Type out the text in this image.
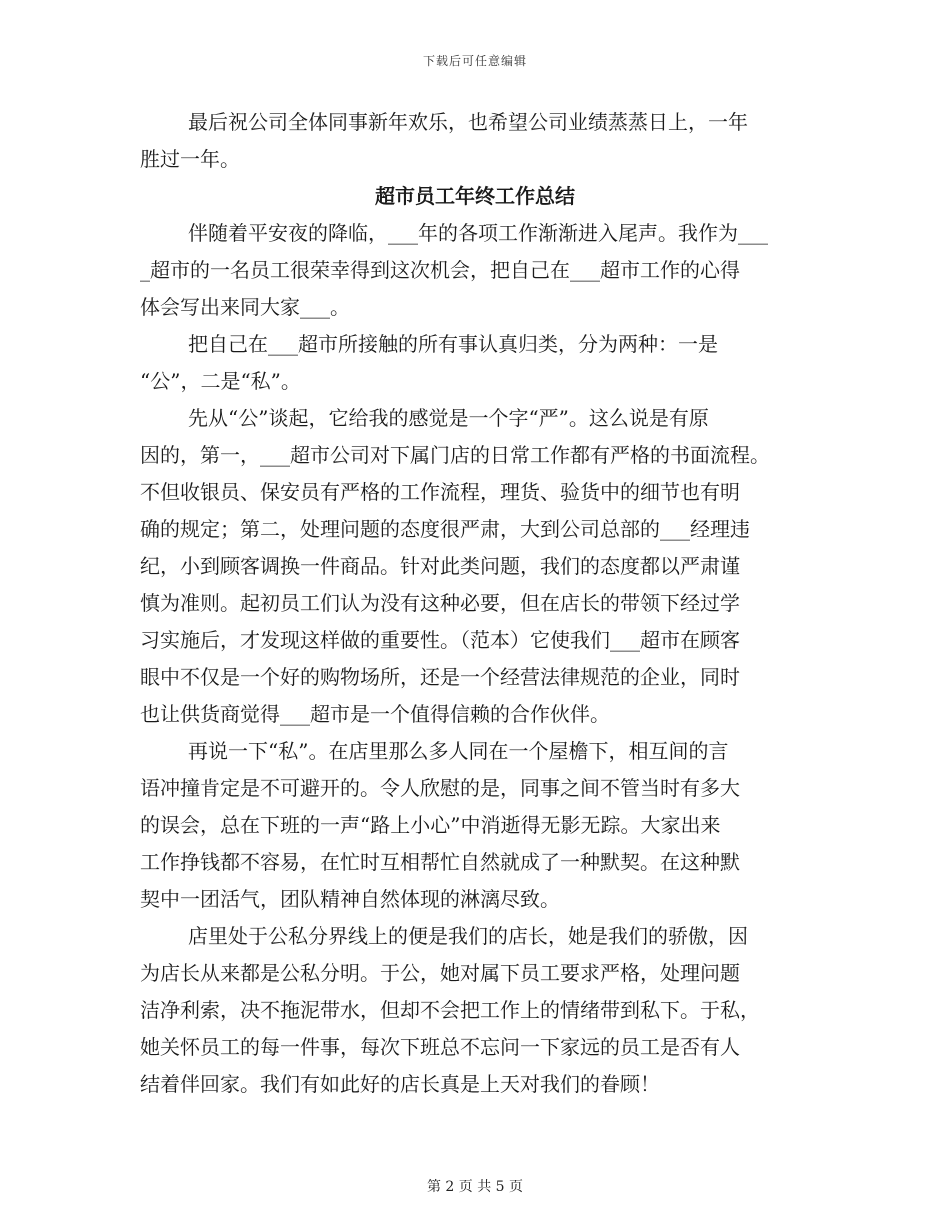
下载后可任意编辑
最后祝公司全体同事新年欢乐，也希望公司业绩蒸蒸日上，一年
胜过一年。
超市员工年终工作总结
伴随着平安夜的降临，___年的各项工作渐渐进入尾声。我作为___
_超市的一名员工很荣幸得到这次机会，把自己在___超市工作的心得
体会写出来同大家___。
把自己在___超市所接触的所有事认真归类，分为两种：一是
“公”，二是“私”。
先从“公”谈起，它给我的感觉是一个字“严”。这么说是有原
因的，第一，___超市公司对下属门店的日常工作都有严格的书面流程。
不但收银员、保安员有严格的工作流程，理货、验货中的细节也有明
确的规定；第二，处理问题的态度很严肃，大到公司总部的___经理违
纪，小到顾客调换一件商品。针对此类问题，我们的态度都以严肃谨
慎为准则。起初员工们认为没有这种必要，但在店长的带领下经过学
习实施后，才发现这样做的重要性。（范本）它使我们___超市在顾客
眼中不仅是一个好的购物场所，还是一个经营法律规范的企业，同时
也让供货商觉得___超市是一个值得信赖的合作伙伴。
再说一下“私”。在店里那么多人同在一个屋檐下，相互间的言
语冲撞肯定是不可避开的。令人欣慰的是，同事之间不管当时有多大
的误会，总在下班的一声“路上小心”中消逝得无影无踪。大家出来
工作挣钱都不容易，在忙时互相帮忙自然就成了一种默契。在这种默
契中一团活气，团队精神自然体现的淋漓尽致。
店里处于公私分界线上的便是我们的店长，她是我们的骄傲，因
为店长从来都是公私分明。于公，她对属下员工要求严格，处理问题
洁净利索，决不拖泥带水，但却不会把工作上的情绪带到私下。于私，
她关怀员工的每一件事，每次下班总不忘问一下家远的员工是否有人
结着伴回家。我们有如此好的店长真是上天对我们的眷顾！
第 2 页 共 5 页
